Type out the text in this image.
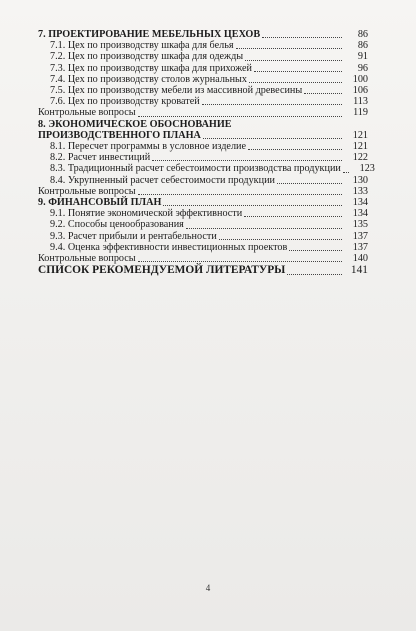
7. ПРОЕКТИРОВАНИЕ МЕБЕЛЬНЫХ ЦЕХОВ	86
7.1. Цех по производству шкафа для белья	86
7.2. Цех по производству шкафа для одежды	91
7.3. Цех по производству шкафа для прихожей	96
7.4. Цех по производству столов журнальных	100
7.5. Цех по производству мебели из массивной древесины	106
7.6. Цех по производству кроватей	113
Контрольные вопросы	119
8. ЭКОНОМИЧЕСКОЕ ОБОСНОВАНИЕ
ПРОИЗВОДСТВЕННОГО ПЛАНА	121
8.1. Пересчет программы в условное изделие	121
8.2. Расчет инвестиций	122
8.3. Традиционный расчет себестоимости производства продукции	123
8.4. Укрупненный расчет себестоимости продукции	130
Контрольные вопросы	133
9. ФИНАНСОВЫЙ ПЛАН	134
9.1. Понятие экономической эффективности	134
9.2. Способы ценообразования	135
9.3. Расчет прибыли и рентабельности	137
9.4. Оценка эффективности инвестиционных проектов	137
Контрольные вопросы	140
СПИСОК РЕКОМЕНДУЕМОЙ ЛИТЕРАТУРЫ	141
4
